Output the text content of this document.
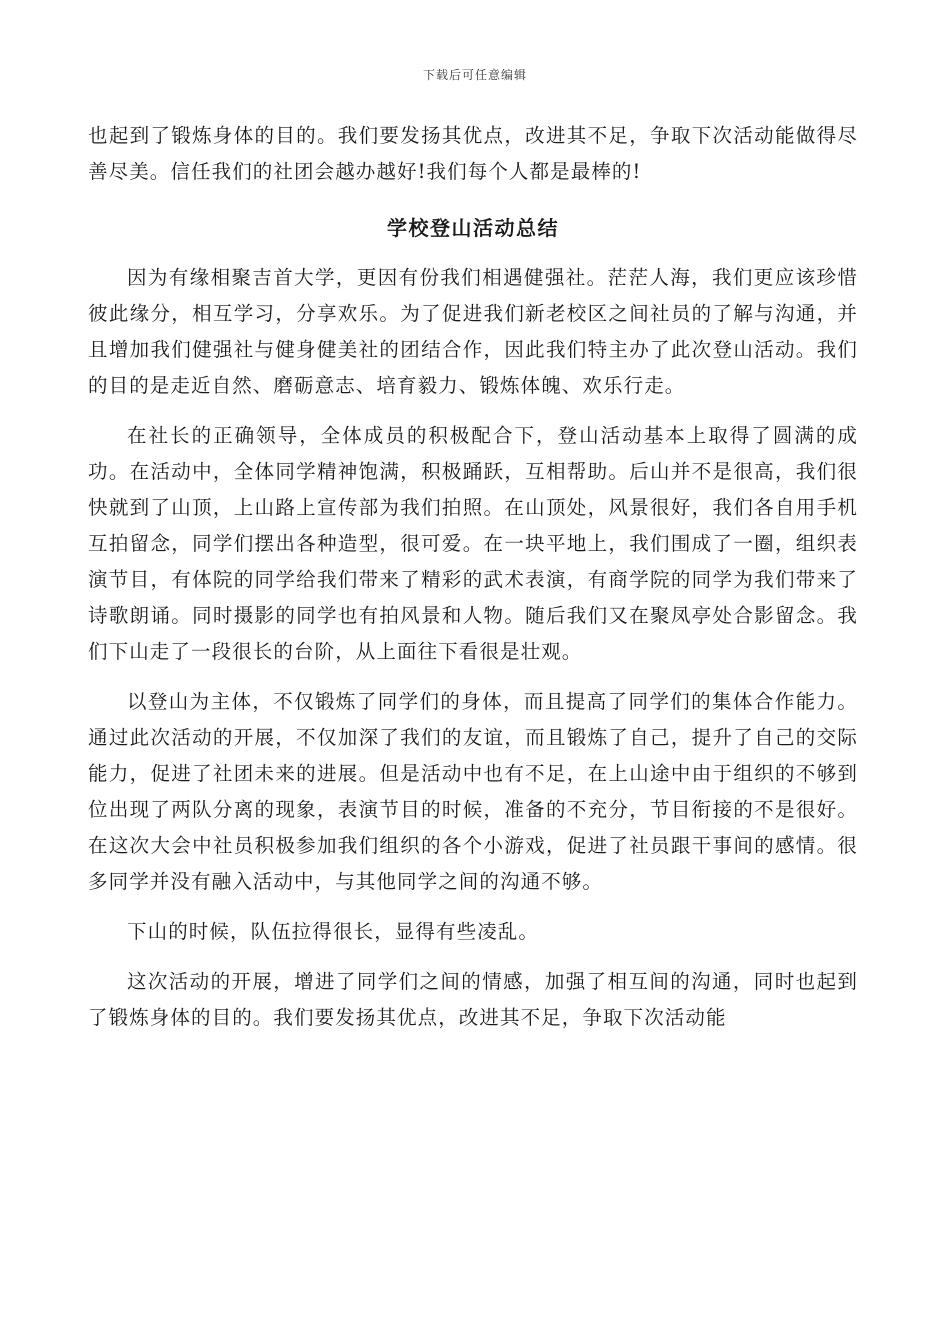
下载后可任意编辑

也起到了锻炼身体的目的。我们要发扬其优点，改进其不足，争取下次活动能做得尽善尽美。信任我们的社团会越办越好!我们每个人都是最棒的!

学校登山活动总结

因为有缘相聚吉首大学，更因有份我们相遇健强社。茫茫人海，我们更应该珍惜彼此缘分，相互学习，分享欢乐。为了促进我们新老校区之间社员的了解与沟通，并且增加我们健强社与健身健美社的团结合作，因此我们特主办了此次登山活动。我们的目的是走近自然、磨砺意志、培育毅力、锻炼体魄、欢乐行走。

在社长的正确领导，全体成员的积极配合下，登山活动基本上取得了圆满的成功。在活动中，全体同学精神饱满，积极踊跃，互相帮助。后山并不是很高，我们很快就到了山顶，上山路上宣传部为我们拍照。在山顶处，风景很好，我们各自用手机互拍留念，同学们摆出各种造型，很可爱。在一块平地上，我们围成了一圈，组织表演节目，有体院的同学给我们带来了精彩的武术表演，有商学院的同学为我们带来了诗歌朗诵。同时摄影的同学也有拍风景和人物。随后我们又在聚凤亭处合影留念。我们下山走了一段很长的台阶，从上面往下看很是壮观。

以登山为主体，不仅锻炼了同学们的身体，而且提高了同学们的集体合作能力。通过此次活动的开展，不仅加深了我们的友谊，而且锻炼了自己，提升了自己的交际能力，促进了社团未来的进展。但是活动中也有不足，在上山途中由于组织的不够到位出现了两队分离的现象，表演节目的时候，准备的不充分，节目衔接的不是很好。在这次大会中社员积极参加我们组织的各个小游戏，促进了社员跟干事间的感情。很多同学并没有融入活动中，与其他同学之间的沟通不够。

下山的时候，队伍拉得很长，显得有些凌乱。

这次活动的开展，增进了同学们之间的情感，加强了相互间的沟通，同时也起到了锻炼身体的目的。我们要发扬其优点，改进其不足，争取下次活动能
